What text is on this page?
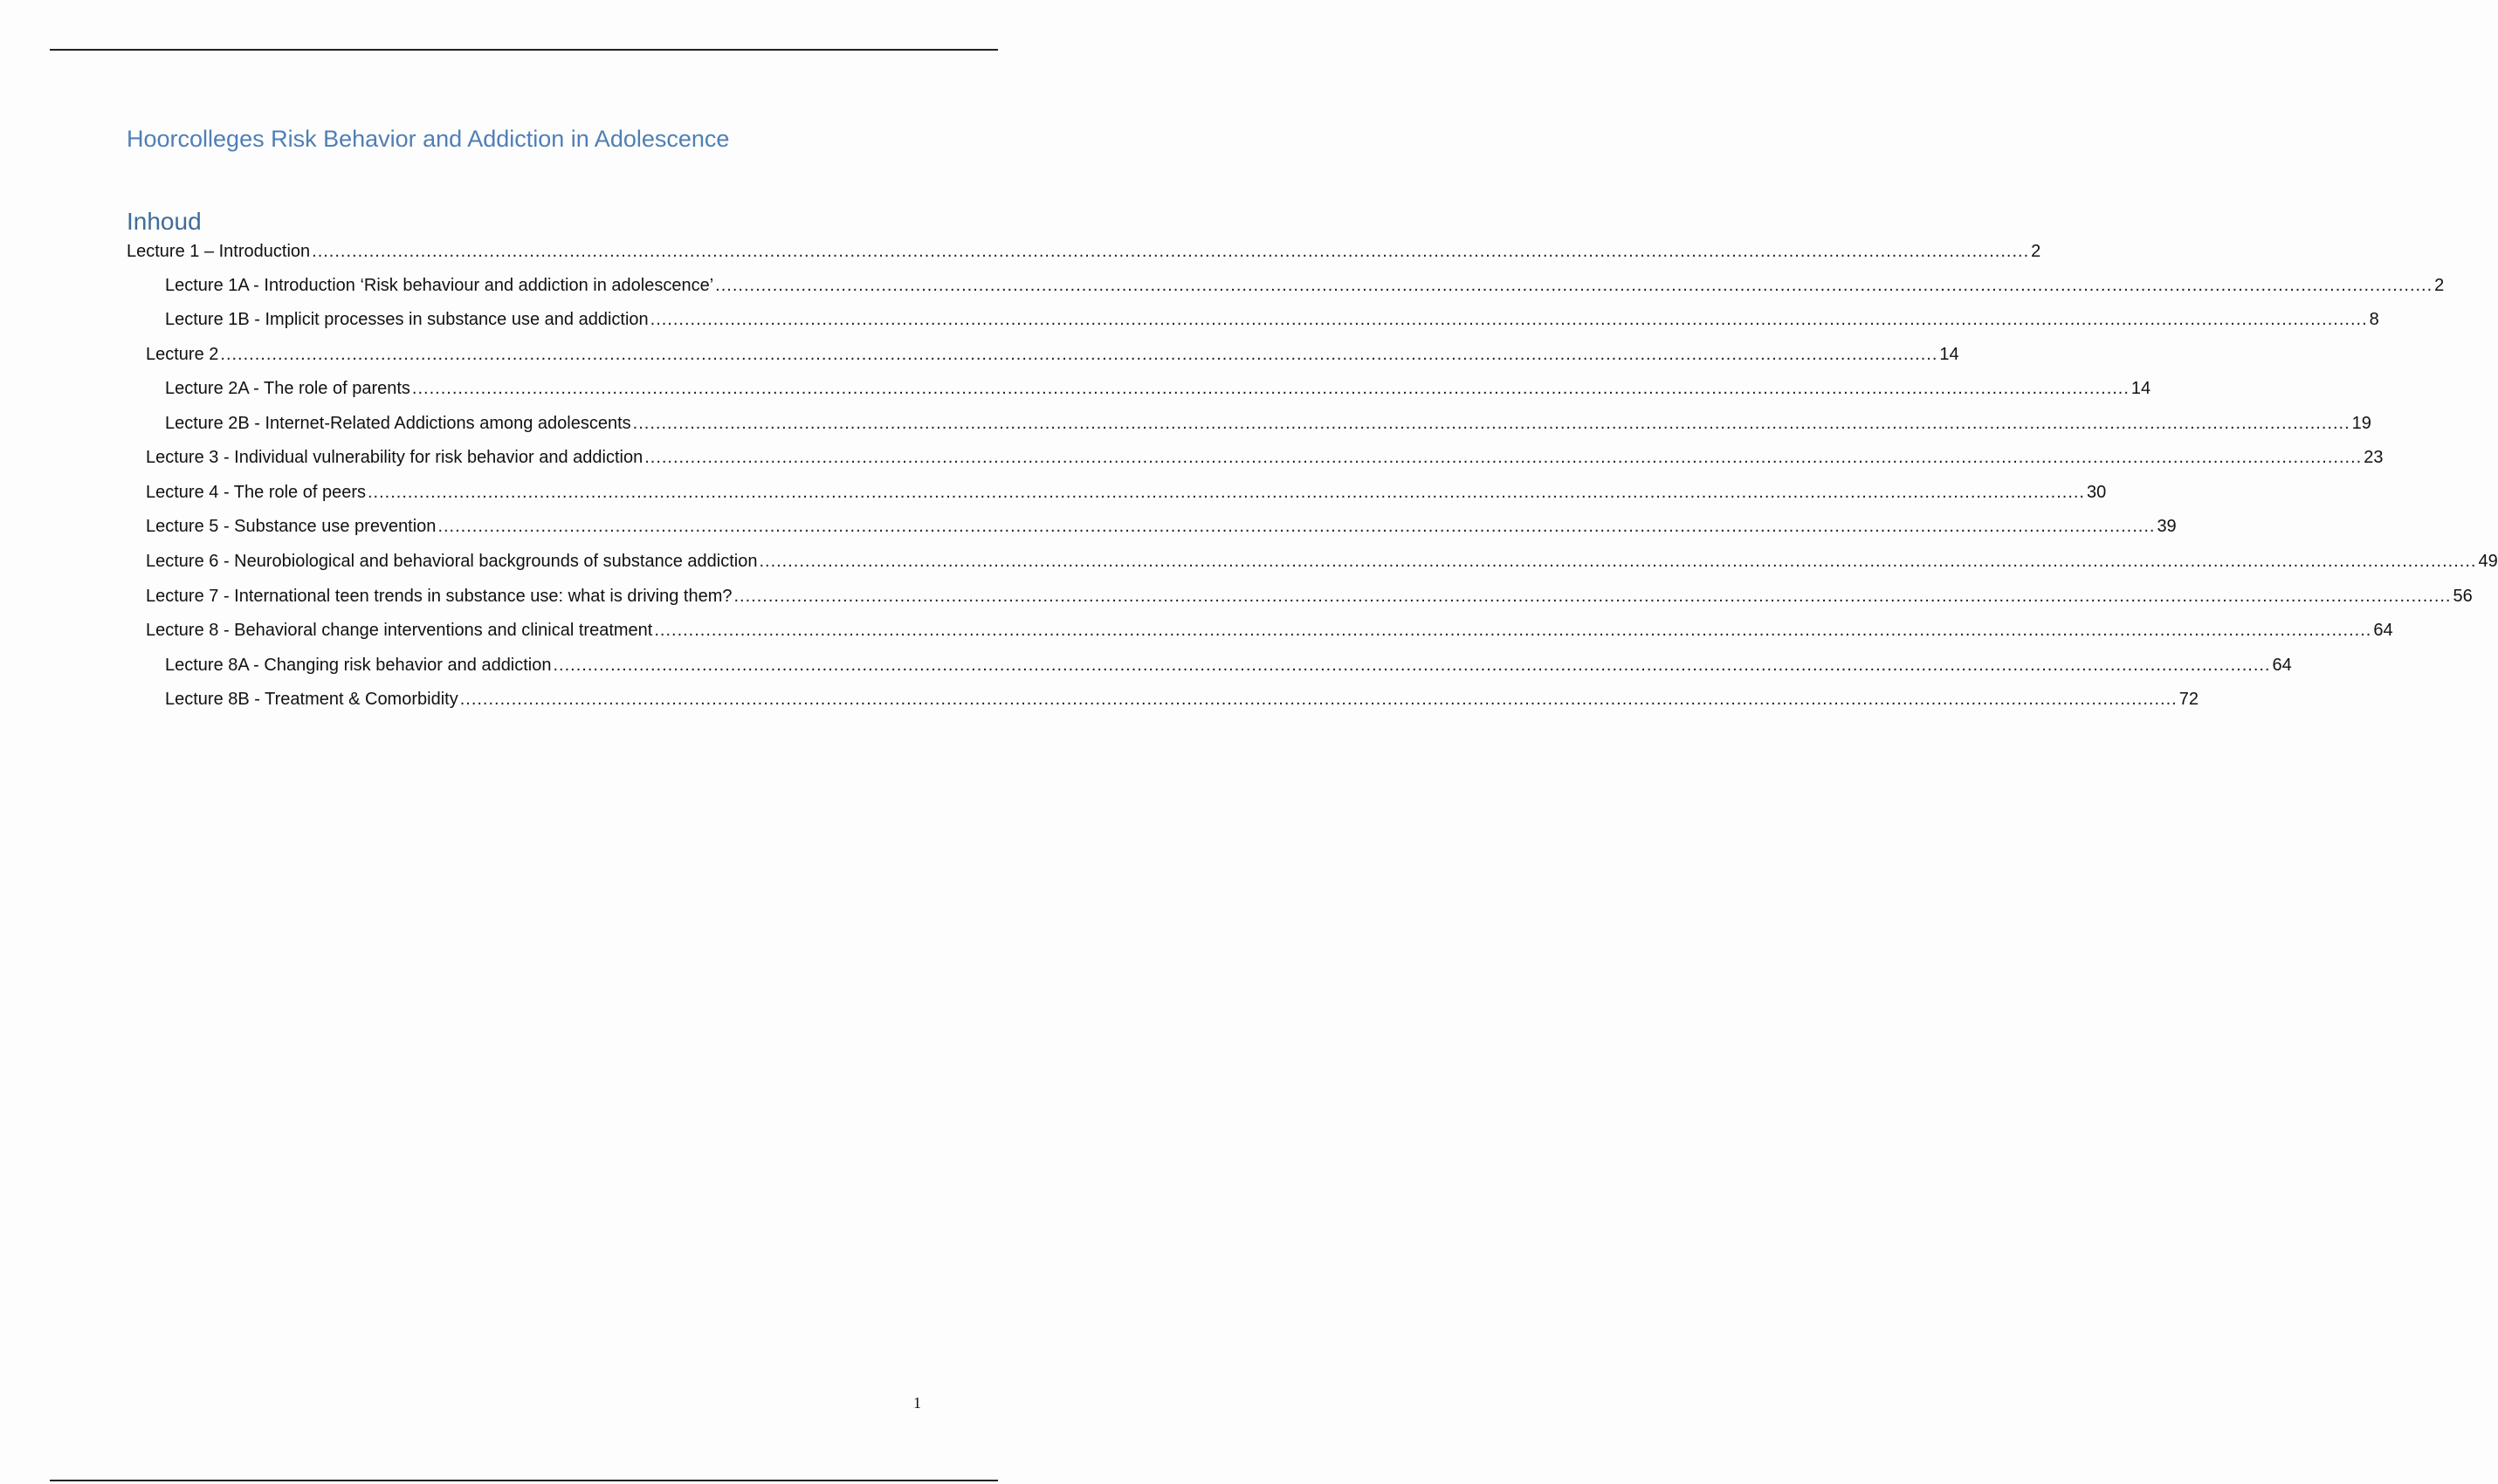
Hoorcolleges Risk Behavior and Addiction in Adolescence
Inhoud
Lecture 1 – Introduction ............................................................................................................................................................................................................................................................................................................ 2
Lecture 1A - Introduction ‘Risk behaviour and addiction in adolescence’ ............................................................................................................................................................................................................................................................................................................ 2
Lecture 1B - Implicit processes in substance use and addiction ............................................................................................................................................................................................................................................................................................................ 8
Lecture 2 ............................................................................................................................................................................................................................................................................................................ 14
Lecture 2A - The role of parents ............................................................................................................................................................................................................................................................................................................ 14
Lecture 2B - Internet-Related Addictions among adolescents ............................................................................................................................................................................................................................................................................................................ 19
Lecture 3 - Individual vulnerability for risk behavior and addiction ............................................................................................................................................................................................................................................................................................................ 23
Lecture 4 - The role of peers ............................................................................................................................................................................................................................................................................................................ 30
Lecture 5 - Substance use prevention ............................................................................................................................................................................................................................................................................................................ 39
Lecture 6 - Neurobiological and behavioral backgrounds of substance addiction ............................................................................................................................................................................................................................................................................................................ 49
Lecture 7 - International teen trends in substance use: what is driving them? ............................................................................................................................................................................................................................................................................................................ 56
Lecture 8 - Behavioral change interventions and clinical treatment ............................................................................................................................................................................................................................................................................................................ 64
Lecture 8A - Changing risk behavior and addiction ............................................................................................................................................................................................................................................................................................................ 64
Lecture 8B - Treatment & Comorbidity ............................................................................................................................................................................................................................................................................................................ 72
1
